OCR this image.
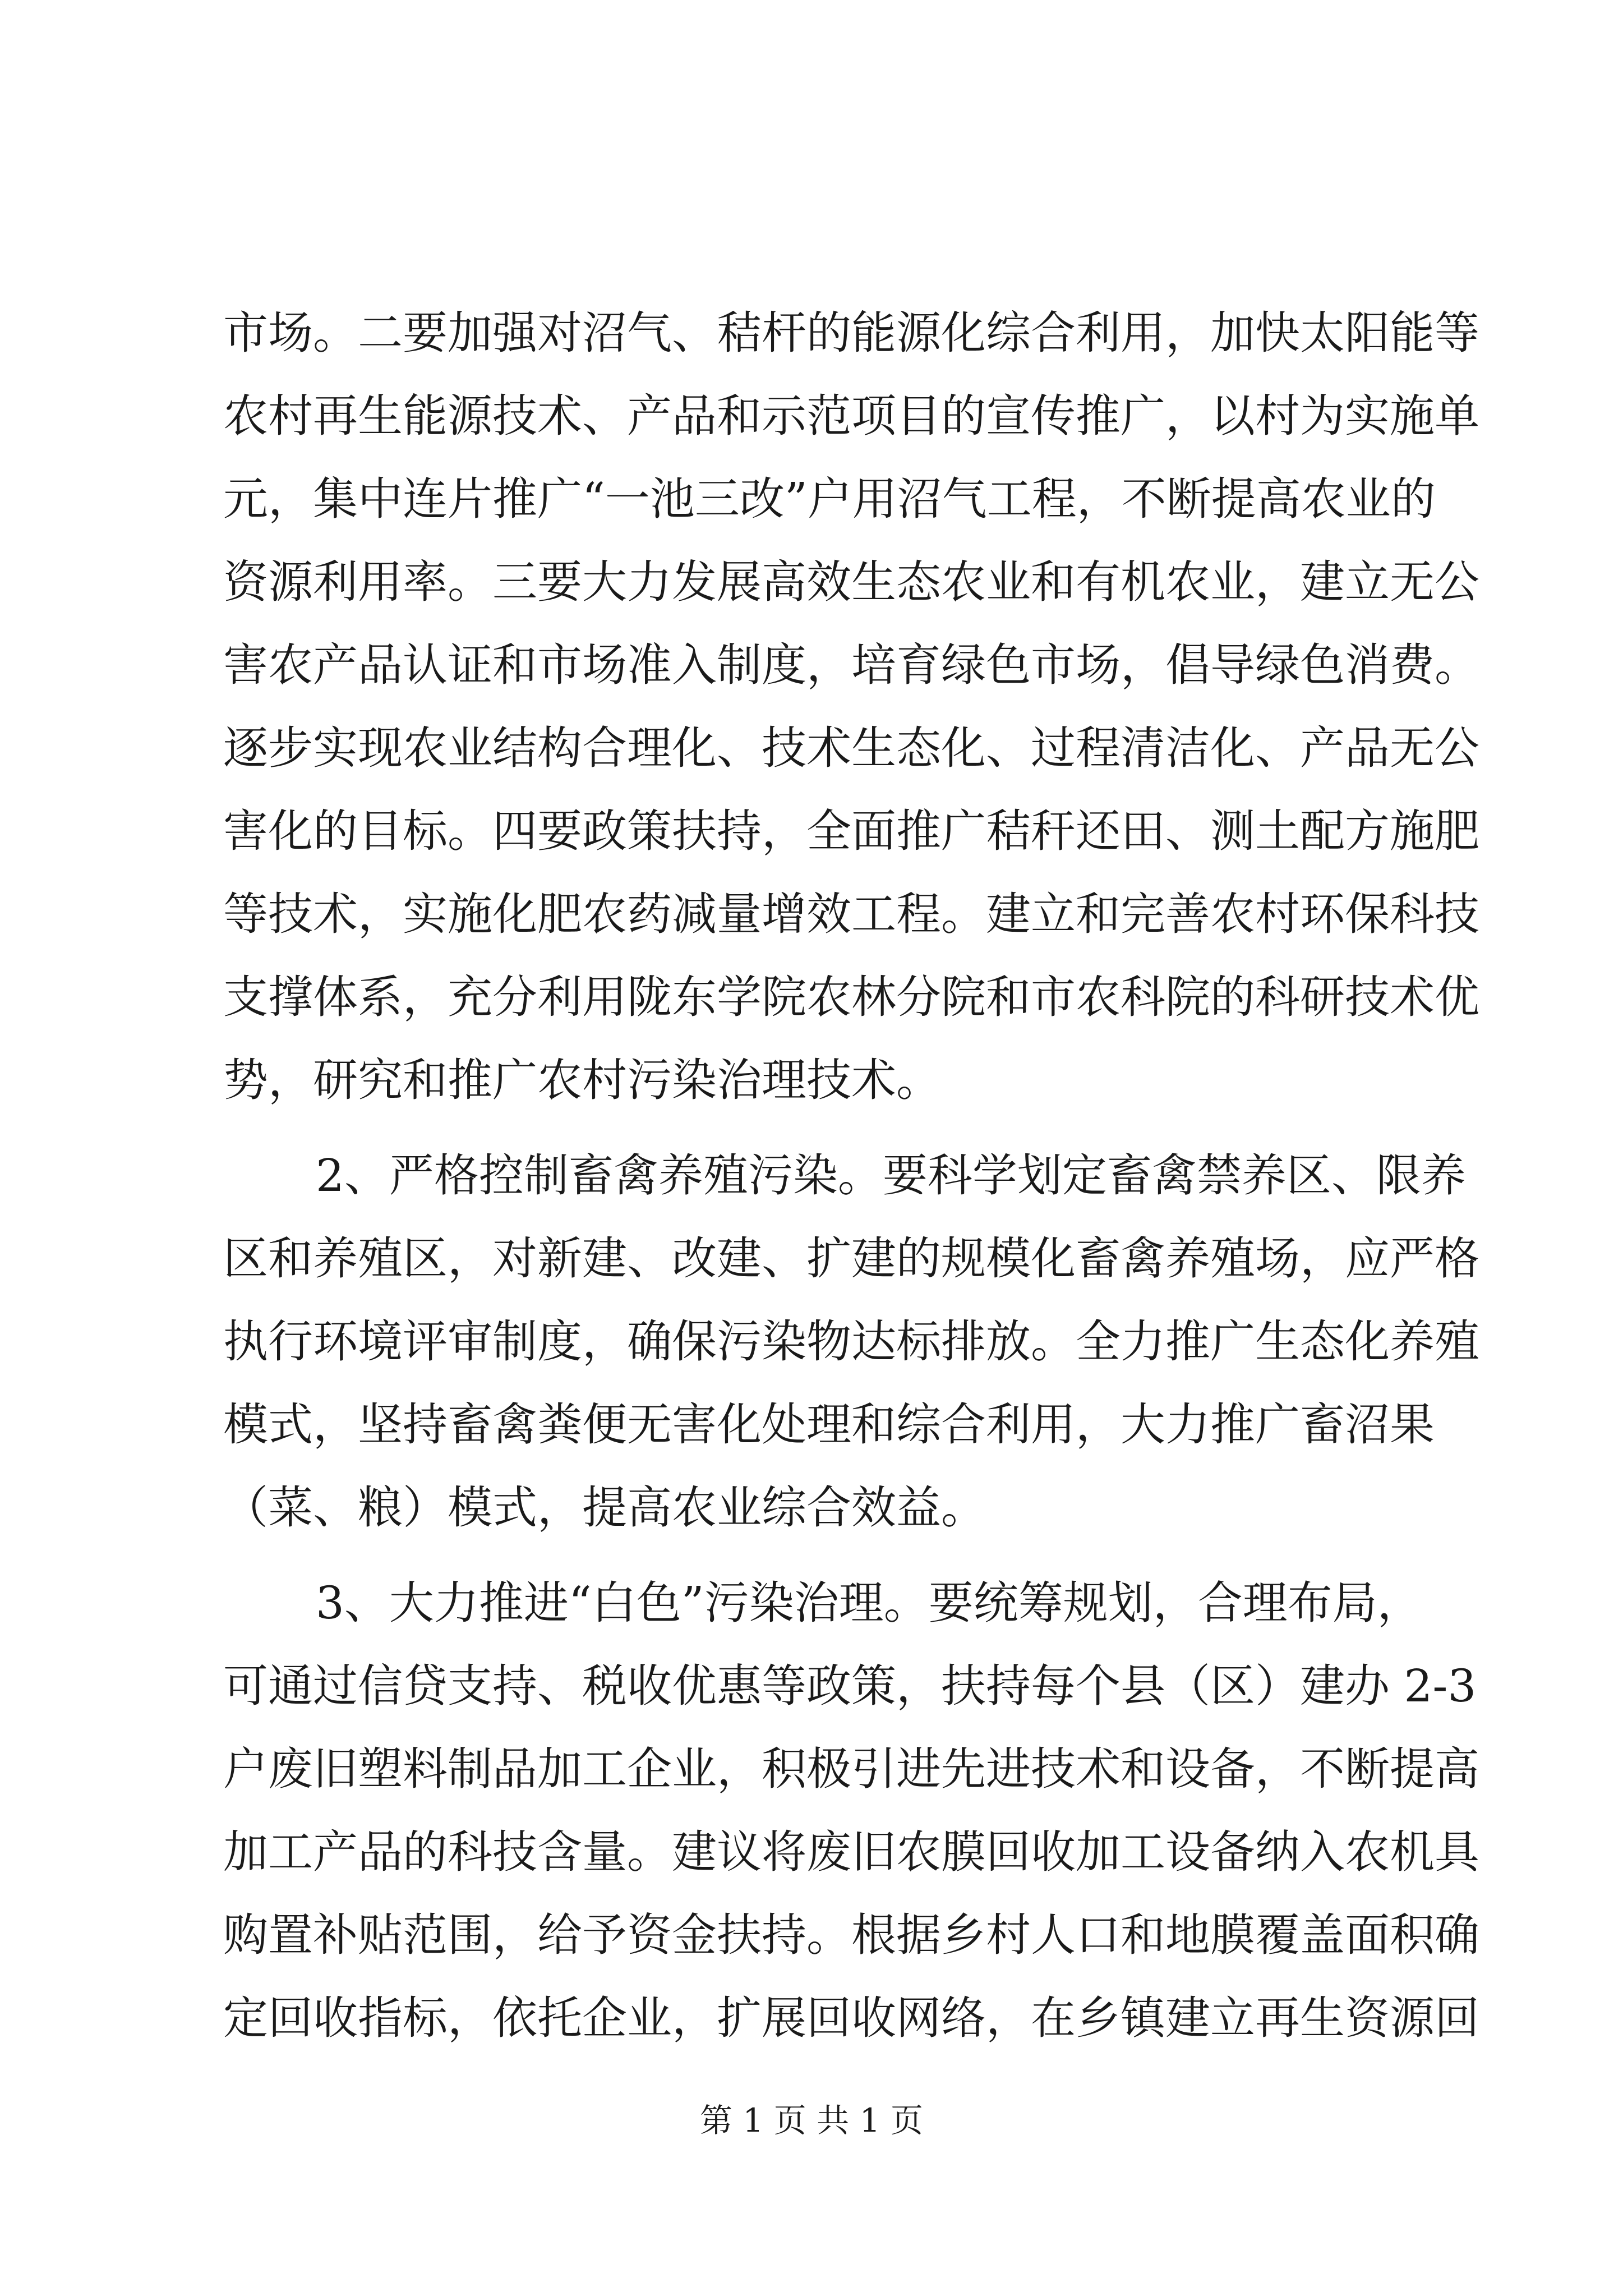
市场。二要加强对沼气、秸杆的能源化综合利用，加快太阳能等
农村再生能源技术、产品和示范项目的宣传推广，以村为实施单
元，集中连片推广“一池三改”户用沼气工程，不断提高农业的
资源利用率。三要大力发展高效生态农业和有机农业，建立无公
害农产品认证和市场准入制度，培育绿色市场，倡导绿色消费。
逐步实现农业结构合理化、技术生态化、过程清洁化、产品无公
害化的目标。四要政策扶持，全面推广秸秆还田、测土配方施肥
等技术，实施化肥农药减量增效工程。建立和完善农村环保科技
支撑体系，充分利用陇东学院农林分院和市农科院的科研技术优
势，研究和推广农村污染治理技术。
2、严格控制畜禽养殖污染。要科学划定畜禽禁养区、限养
区和养殖区，对新建、改建、扩建的规模化畜禽养殖场，应严格
执行环境评审制度，确保污染物达标排放。全力推广生态化养殖
模式，坚持畜禽粪便无害化处理和综合利用，大力推广畜沼果
（菜、粮）模式，提高农业综合效益。
3、大力推进“白色”污染治理。要统筹规划，合理布局，
可通过信贷支持、税收优惠等政策，扶持每个县（区）建办 2-3
户废旧塑料制品加工企业，积极引进先进技术和设备，不断提高
加工产品的科技含量。建议将废旧农膜回收加工设备纳入农机具
购置补贴范围，给予资金扶持。根据乡村人口和地膜覆盖面积确
定回收指标，依托企业，扩展回收网络，在乡镇建立再生资源回
第 1 页 共 1 页
